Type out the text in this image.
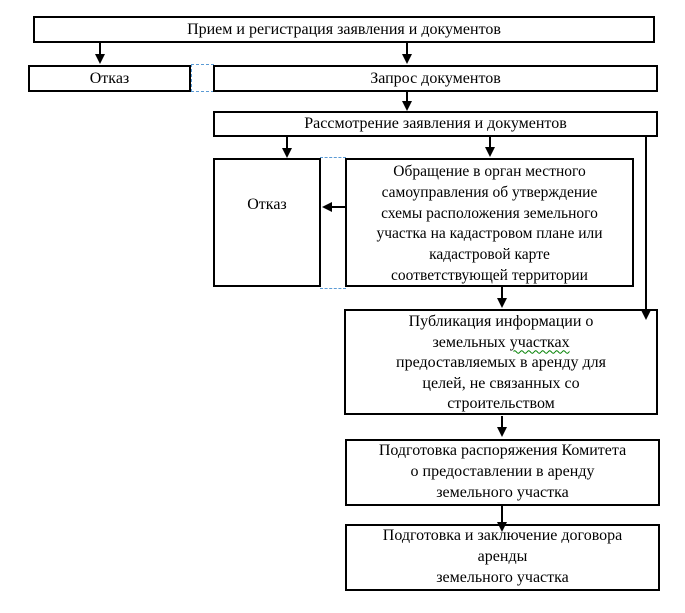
Прием и регистрация заявления и документов
Отказ	Запрос документов
Рассмотрение заявления и документов
Отказ
Обращение в орган местного
самоуправления об утверждение
схемы расположения земельного
участка на кадастровом плане или
кадастровой карте
соответствующей территории
Публикация информации о
земельных участках
предоставляемых в аренду для
целей, не связанных со
строительством
Подготовка распоряжения Комитета
о предоставлении в аренду
земельного участка
Подготовка и заключение договора
аренды
земельного участка
